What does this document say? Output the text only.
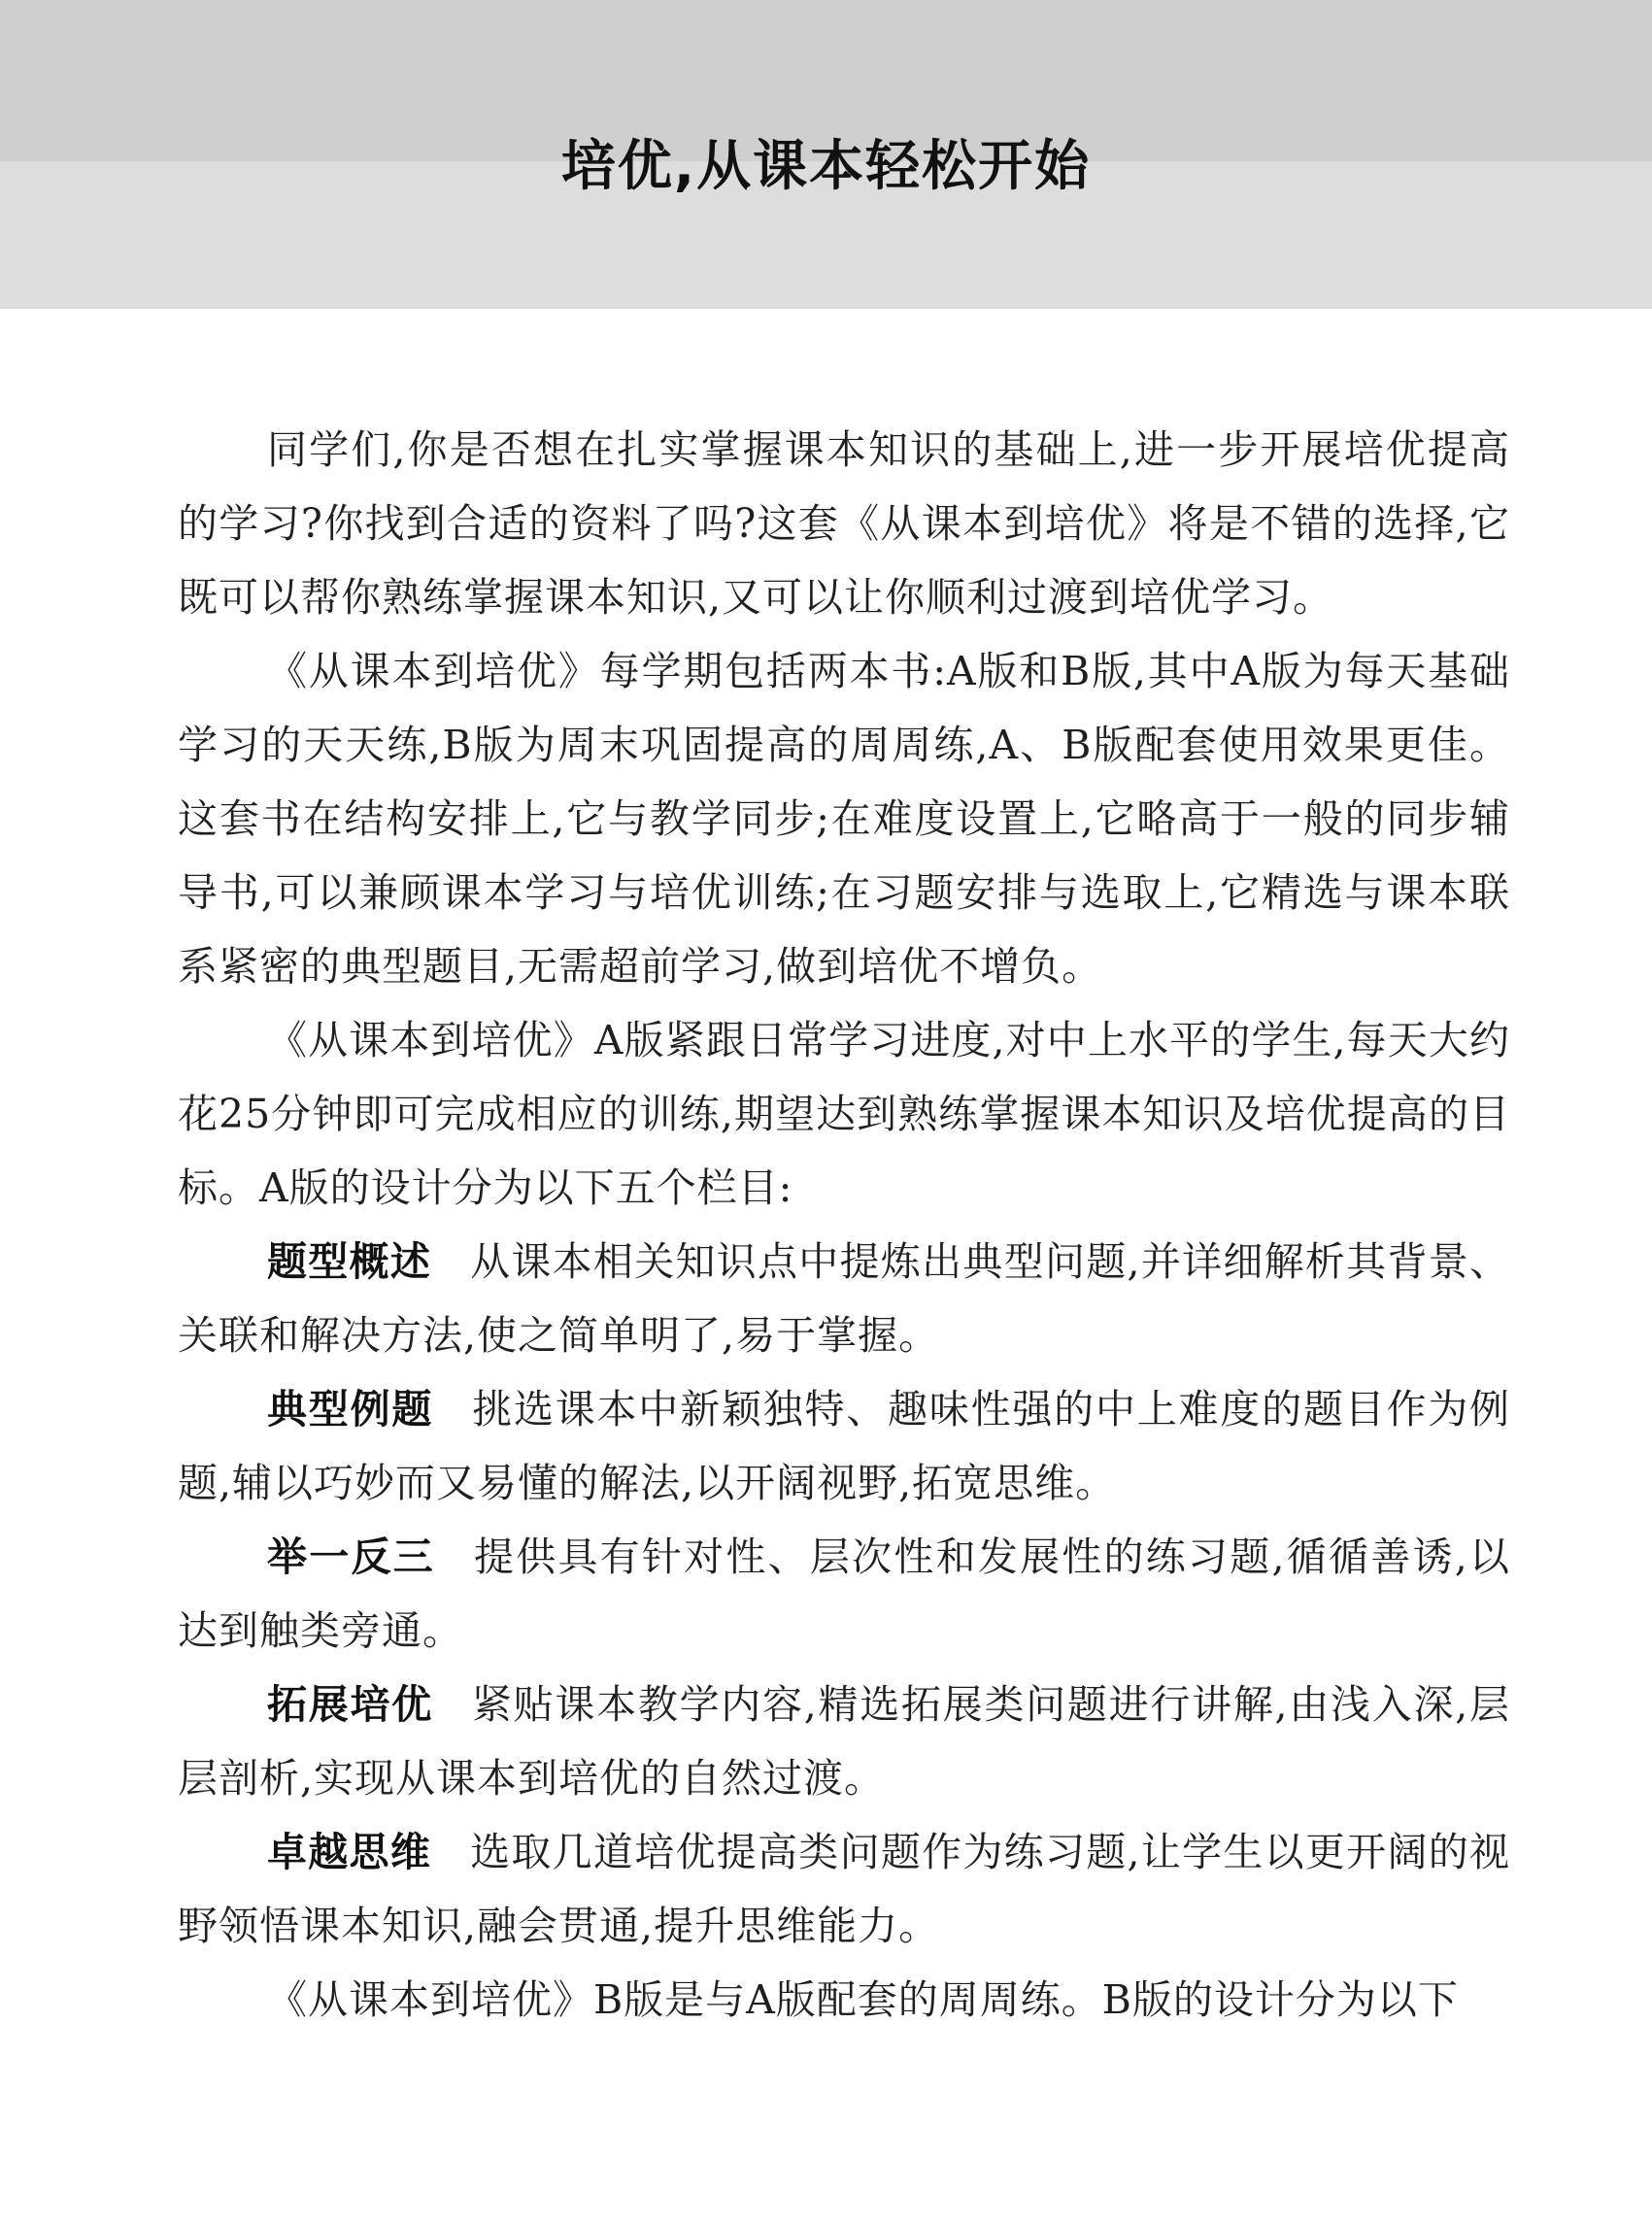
培优,从课本轻松开始

同学们,你是否想在扎实掌握课本知识的基础上,进一步开展培优提高的学习?你找到合适的资料了吗?这套《从课本到培优》将是不错的选择,它既可以帮你熟练掌握课本知识,又可以让你顺利过渡到培优学习。

《从课本到培优》每学期包括两本书:A版和B版,其中A版为每天基础学习的天天练,B版为周末巩固提高的周周练,A、B版配套使用效果更佳。这套书在结构安排上,它与教学同步;在难度设置上,它略高于一般的同步辅导书,可以兼顾课本学习与培优训练;在习题安排与选取上,它精选与课本联系紧密的典型题目,无需超前学习,做到培优不增负。

《从课本到培优》A版紧跟日常学习进度,对中上水平的学生,每天大约花25分钟即可完成相应的训练,期望达到熟练掌握课本知识及培优提高的目标。A版的设计分为以下五个栏目:

题型概述 从课本相关知识点中提炼出典型问题,并详细解析其背景、关联和解决方法,使之简单明了,易于掌握。

典型例题 挑选课本中新颖独特、趣味性强的中上难度的题目作为例题,辅以巧妙而又易懂的解法,以开阔视野,拓宽思维。

举一反三 提供具有针对性、层次性和发展性的练习题,循循善诱,以达到触类旁通。

拓展培优 紧贴课本教学内容,精选拓展类问题进行讲解,由浅入深,层层剖析,实现从课本到培优的自然过渡。

卓越思维 选取几道培优提高类问题作为练习题,让学生以更开阔的视野领悟课本知识,融会贯通,提升思维能力。

《从课本到培优》B版是与A版配套的周周练。B版的设计分为以下
